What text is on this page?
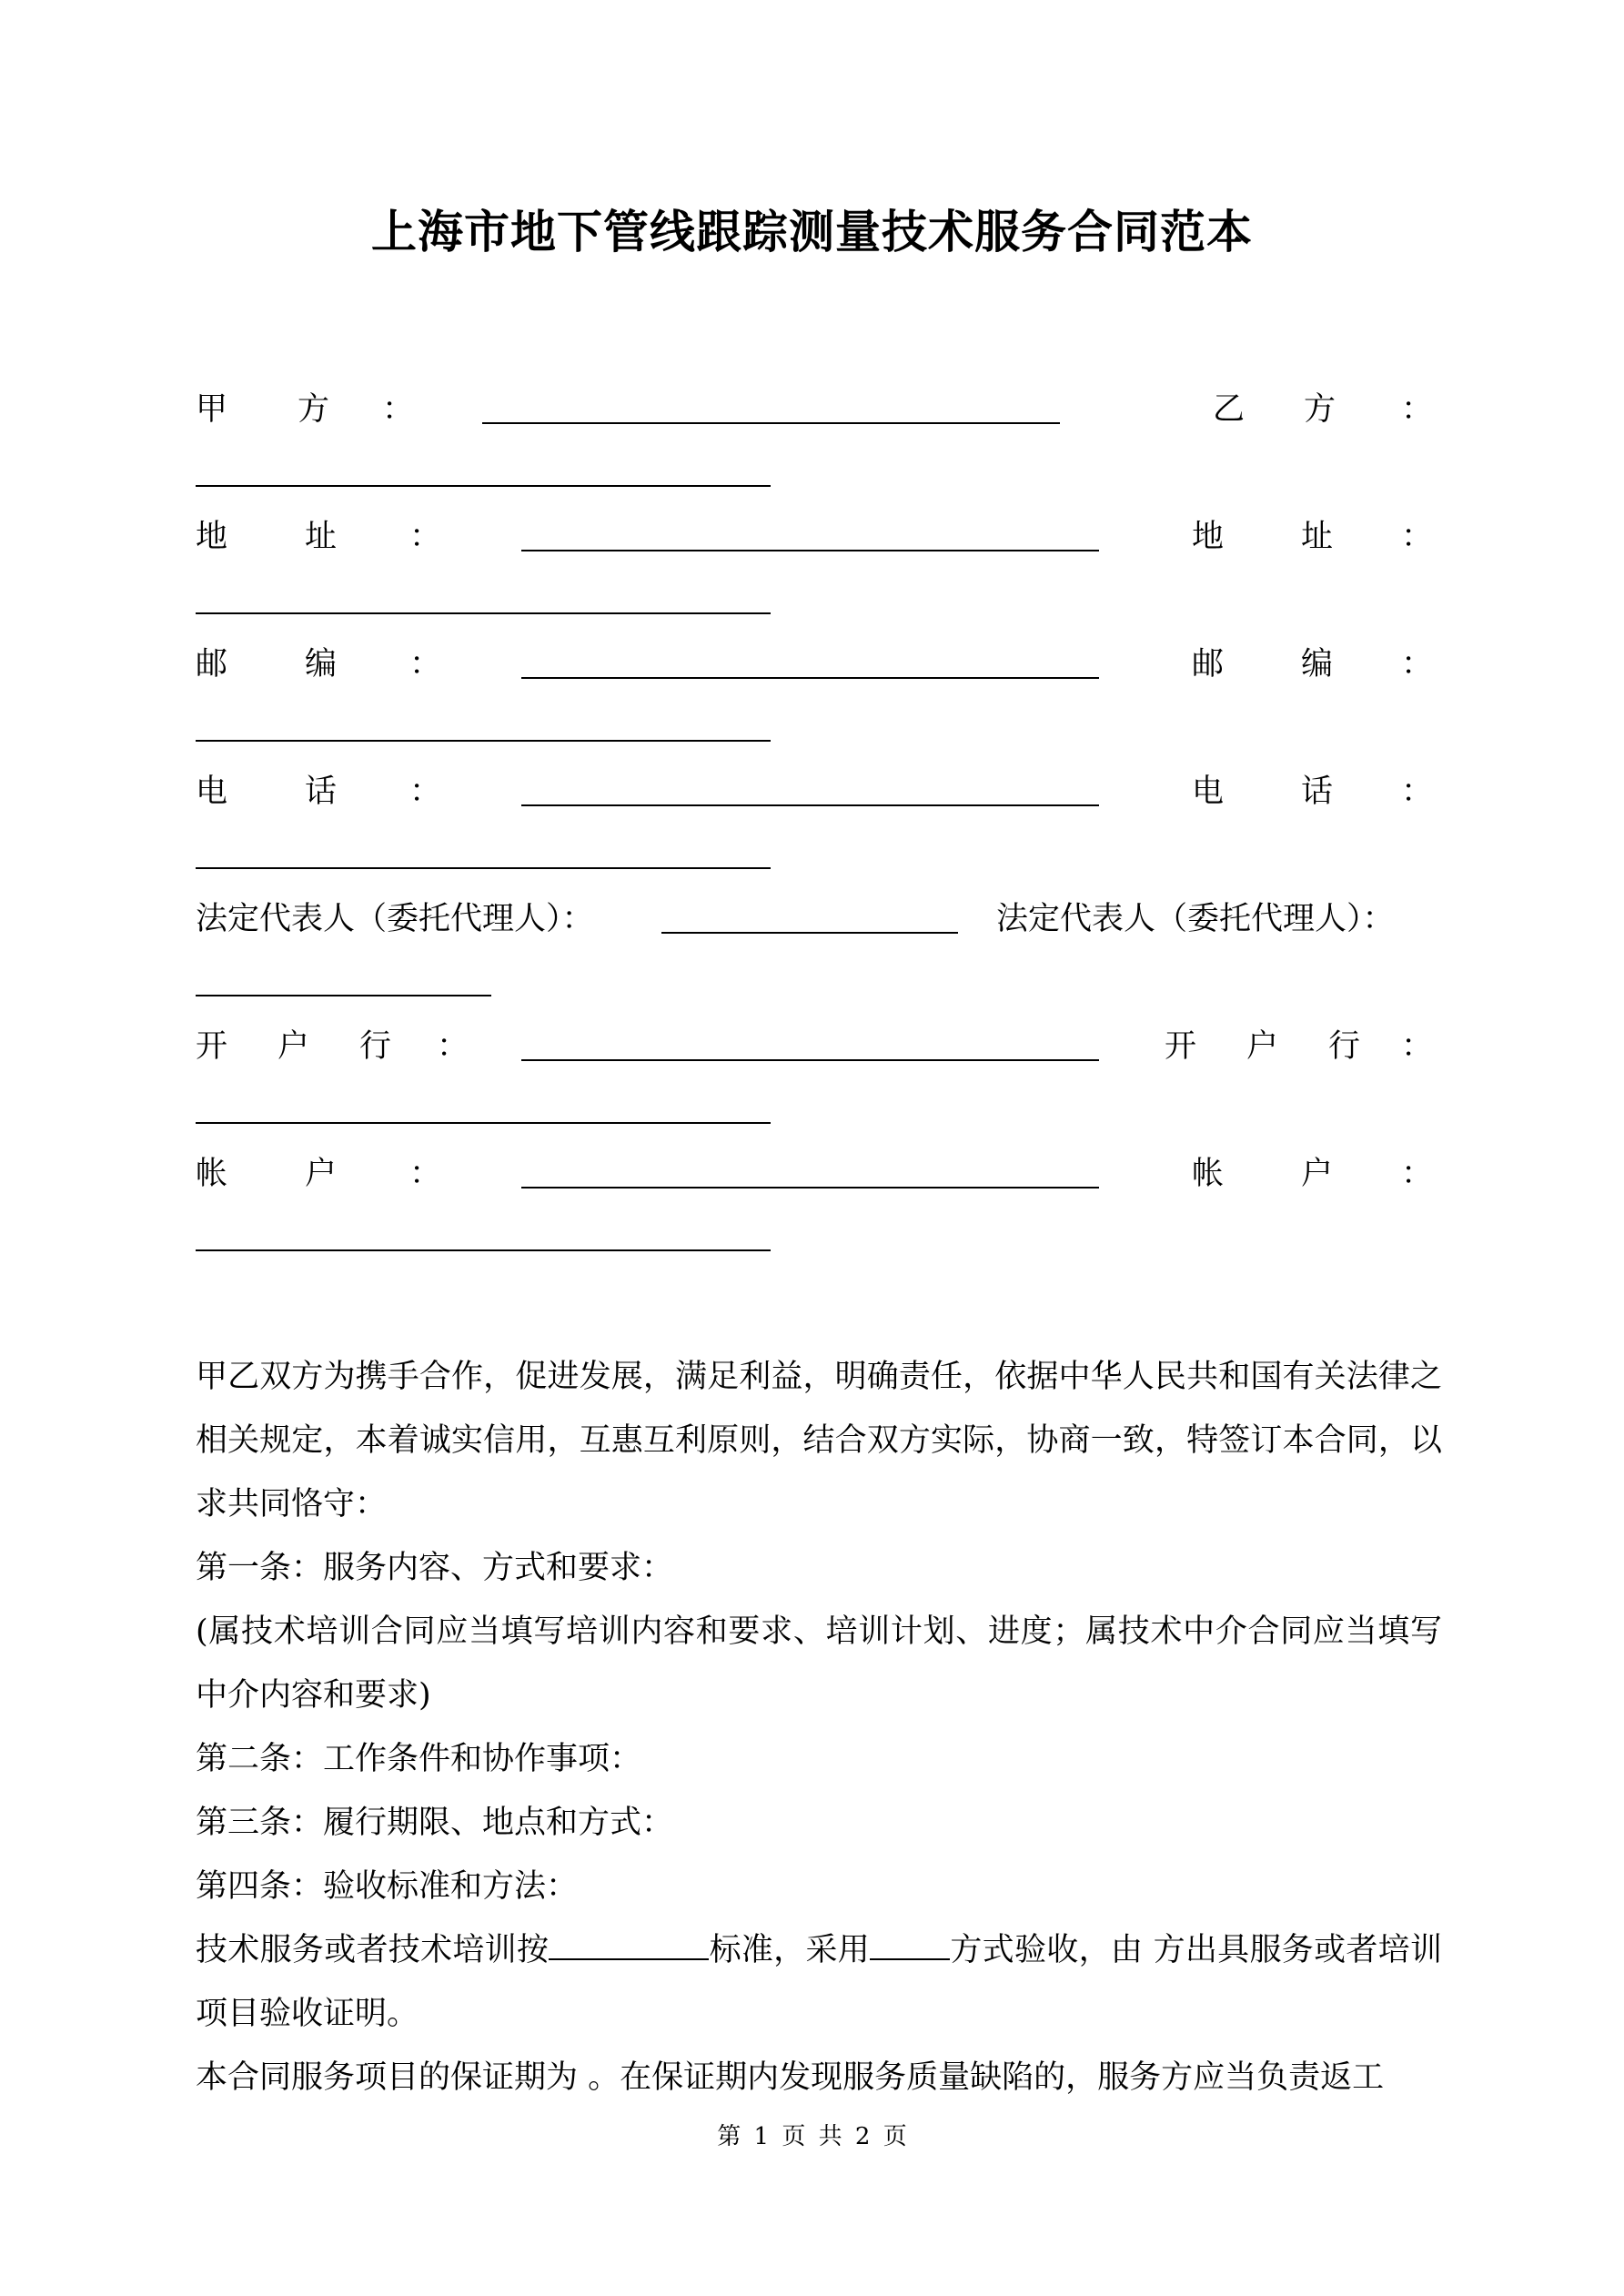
上海市地下管线跟踪测量技术服务合同范本
甲 方 ：	乙 方 ：
地 址 ：	地 址 ：
邮 编 ：	邮 编 ：
电 话 ：	电 话 ：
法定代表人（委托代理人）：	法定代表人（委托代理人）：
开 户 行 ：	开 户 行 ：
帐 户 ：	帐 户 ：

甲乙双方为携手合作，促进发展，满足利益，明确责任，依据中华人民共和国有关法律之相关规定，本着诚实信用，互惠互利原则，结合双方实际，协商一致，特签订本合同，以求共同恪守：

第一条：服务内容、方式和要求：

(属技术培训合同应当填写培训内容和要求、培训计划、进度；属技术中介合同应当填写中介内容和要求)

第二条：工作条件和协作事项：

第三条：履行期限、地点和方式：

第四条：验收标准和方法：

技术服务或者技术培训按	标准，采用	方式验收，由 方出具服务或者培训项目验收证明。

本合同服务项目的保证期为 。在保证期内发现服务质量缺陷的，服务方应当负责返工

第 1 页 共 2 页
